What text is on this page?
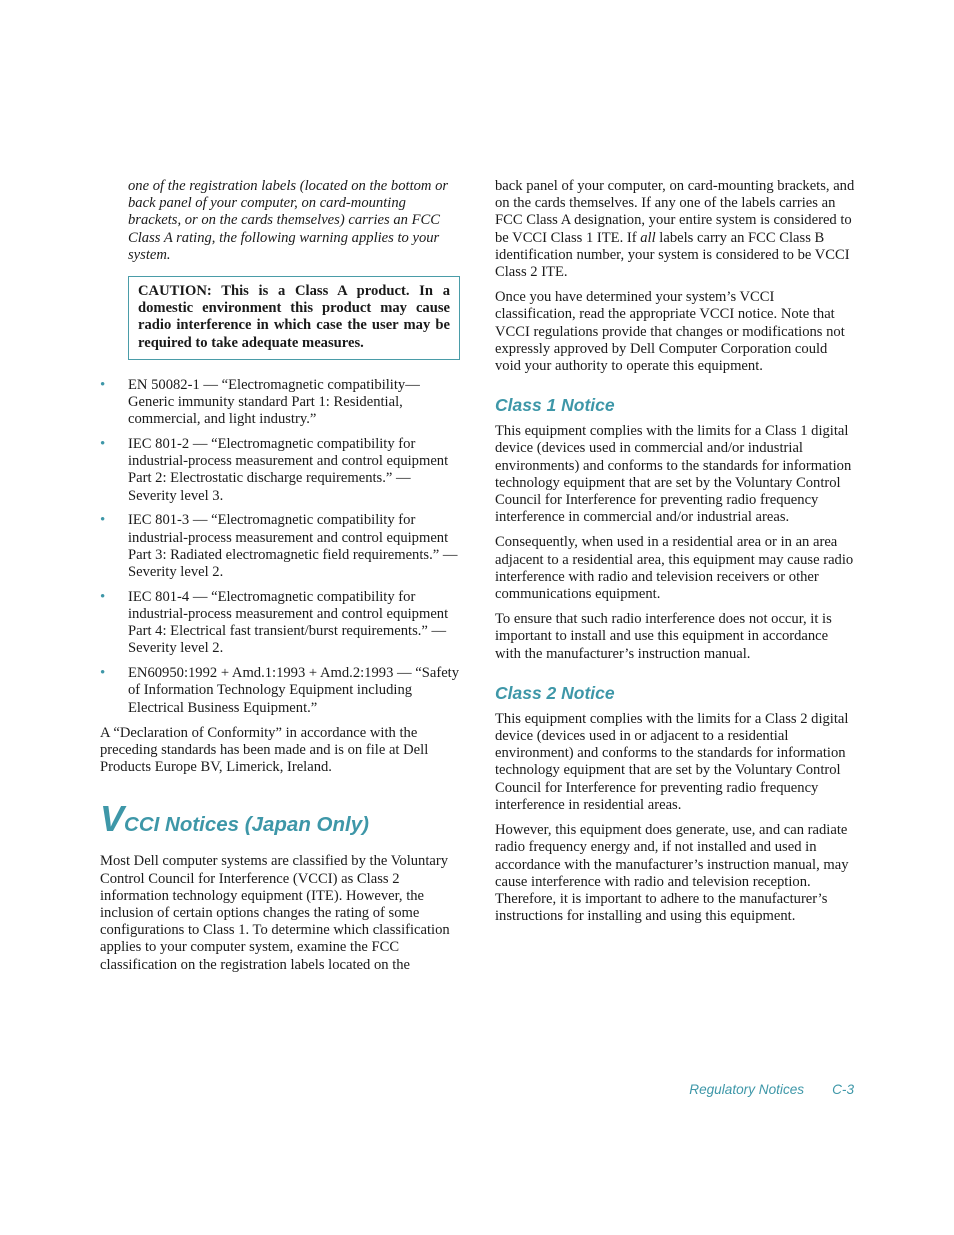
one of the registration labels (located on the bottom or back panel of your computer, on card-mounting brackets, or on the cards themselves) carries an FCC Class A rating, the following warning applies to your system.

CAUTION: This is a Class A product. In a domestic environment this product may cause radio interference in which case the user may be required to take adequate measures.
• EN 50082-1 — “Electromagnetic compatibility—Generic immunity standard Part 1: Residential, commercial, and light industry.”
• IEC 801-2 — “Electromagnetic compatibility for industrial-process measurement and control equipment Part 2: Electrostatic discharge requirements.” — Severity level 3.
• IEC 801-3 — “Electromagnetic compatibility for industrial-process measurement and control equipment Part 3: Radiated electromagnetic field requirements.” — Severity level 2.
• IEC 801-4 — “Electromagnetic compatibility for industrial-process measurement and control equipment Part 4: Electrical fast transient/burst requirements.” — Severity level 2.
• EN60950:1992 + Amd.1:1993 + Amd.2:1993 — “Safety of Information Technology Equipment including Electrical Business Equipment.”

A “Declaration of Conformity” in accordance with the preceding standards has been made and is on file at Dell Products Europe BV, Limerick, Ireland.

VCCI Notices (Japan Only)

Most Dell computer systems are classified by the Voluntary Control Council for Interference (VCCI) as Class 2 information technology equipment (ITE). However, the inclusion of certain options changes the rating of some configurations to Class 1. To determine which classification applies to your computer system, examine the FCC classification on the registration labels located on the

back panel of your computer, on card-mounting brackets, and on the cards themselves. If any one of the labels carries an FCC Class A designation, your entire system is considered to be VCCI Class 1 ITE. If all labels carry an FCC Class B identification number, your system is considered to be VCCI Class 2 ITE.

Once you have determined your system’s VCCI classification, read the appropriate VCCI notice. Note that VCCI regulations provide that changes or modifications not expressly approved by Dell Computer Corporation could void your authority to operate this equipment.

Class 1 Notice

This equipment complies with the limits for a Class 1 digital device (devices used in commercial and/or industrial environments) and conforms to the standards for information technology equipment that are set by the Voluntary Control Council for Interference for preventing radio frequency interference in commercial and/or industrial areas.

Consequently, when used in a residential area or in an area adjacent to a residential area, this equipment may cause radio interference with radio and television receivers or other communications equipment.

To ensure that such radio interference does not occur, it is important to install and use this equipment in accordance with the manufacturer’s instruction manual.

Class 2 Notice

This equipment complies with the limits for a Class 2 digital device (devices used in or adjacent to a residential environment) and conforms to the standards for information technology equipment that are set by the Voluntary Control Council for Interference for preventing radio frequency interference in residential areas.

However, this equipment does generate, use, and can radiate radio frequency energy and, if not installed and used in accordance with the manufacturer’s instruction manual, may cause interference with radio and television reception. Therefore, it is important to adhere to the manufacturer’s instructions for installing and using this equipment.

Regulatory Notices C-3
